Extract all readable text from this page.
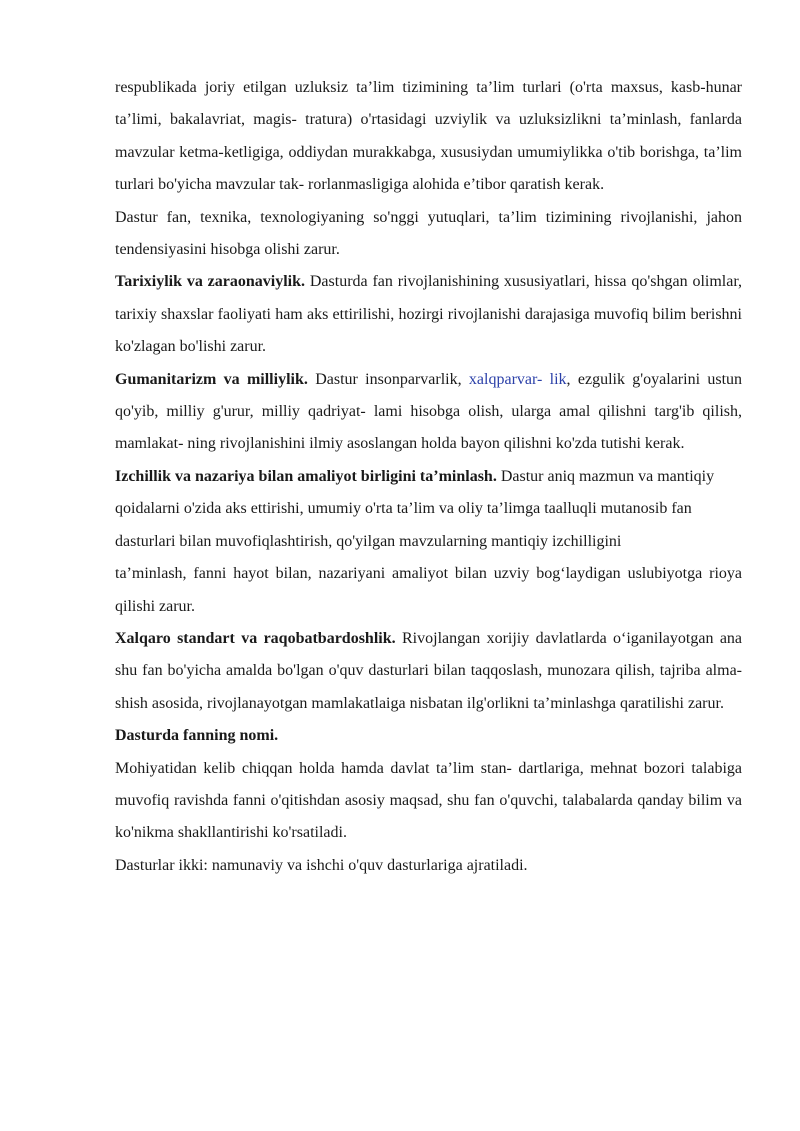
respublikada joriy etilgan uzluksiz ta’lim tizimining ta’lim turlari (o'rta maxsus, kasb-hunar ta’limi, bakalavriat, magis- tratura) o'rtasidagi uzviylik va uzluksizlikni ta’minlash, fanlarda mavzular ketma-ketligiga, oddiydan murakkabga, xususiydan umumiylikka o'tib borishga, ta’lim turlari bo'yicha mavzular tak- rorlanmasligiga alohida e’tibor qaratish kerak.

Dastur fan, texnika, texnologiyaning so'nggi yutuqlari, ta’lim tizimining rivojlanishi, jahon tendensiyasini hisobga olishi zarur.

Tarixiylik va zaraonaviylik. Dasturda fan rivojlanishining xususiyatlari, hissa qo'shgan olimlar, tarixiy shaxslar faoliyati ham aks ettirilishi, hozirgi rivojlanishi darajasiga muvofiq bilim berishni ko'zlagan bo'lishi zarur.

Gumanitarizm va milliylik. Dastur insonparvarlik, xalqparvar- lik, ezgulik g'oyalarini ustun qo'yib, milliy g'urur, milliy qadriyat- lami hisobga olish, ularga amal qilishni targ'ib qilish, mamlakat- ning rivojlanishini ilmiy asoslangan holda bayon qilishni ko'zda tutishi kerak.

Izchillik va nazariya bilan amaliyot birligini ta’minlash. Dastur aniq mazmun va mantiqiy qoidalarni o'zida aks ettirishi, umumiy o'rta ta’lim va oliy ta’limga taalluqli mutanosib fan dasturlari bilan muvofiqlashtirish, qo'yilgan mavzularning mantiqiy izchilligini

ta’minlash, fanni hayot bilan, nazariyani amaliyot bilan uzviy bog‘laydigan uslubiyotga rioya qilishi zarur.

Xalqaro standart va raqobatbardoshlik. Rivojlangan xorijiy davlatlarda o‘iganilayotgan ana shu fan bo'yicha amalda bo'lgan o'quv dasturlari bilan taqqoslash, munozara qilish, tajriba alma- shish asosida, rivojlanayotgan mamlakatlaiga nisbatan ilg'orlikni ta’minlashga qaratilishi zarur.

Dasturda fanning nomi.

Mohiyatidan kelib chiqqan holda hamda davlat ta’lim stan- dartlariga, mehnat bozori talabiga muvofiq ravishda fanni o'qitishdan asosiy maqsad, shu fan o'quvchi, talabalarda qanday bilim va ko'nikma shakllantirishi ko'rsatiladi.

Dasturlar ikki: namunaviy va ishchi o'quv dasturlariga ajratiladi.
